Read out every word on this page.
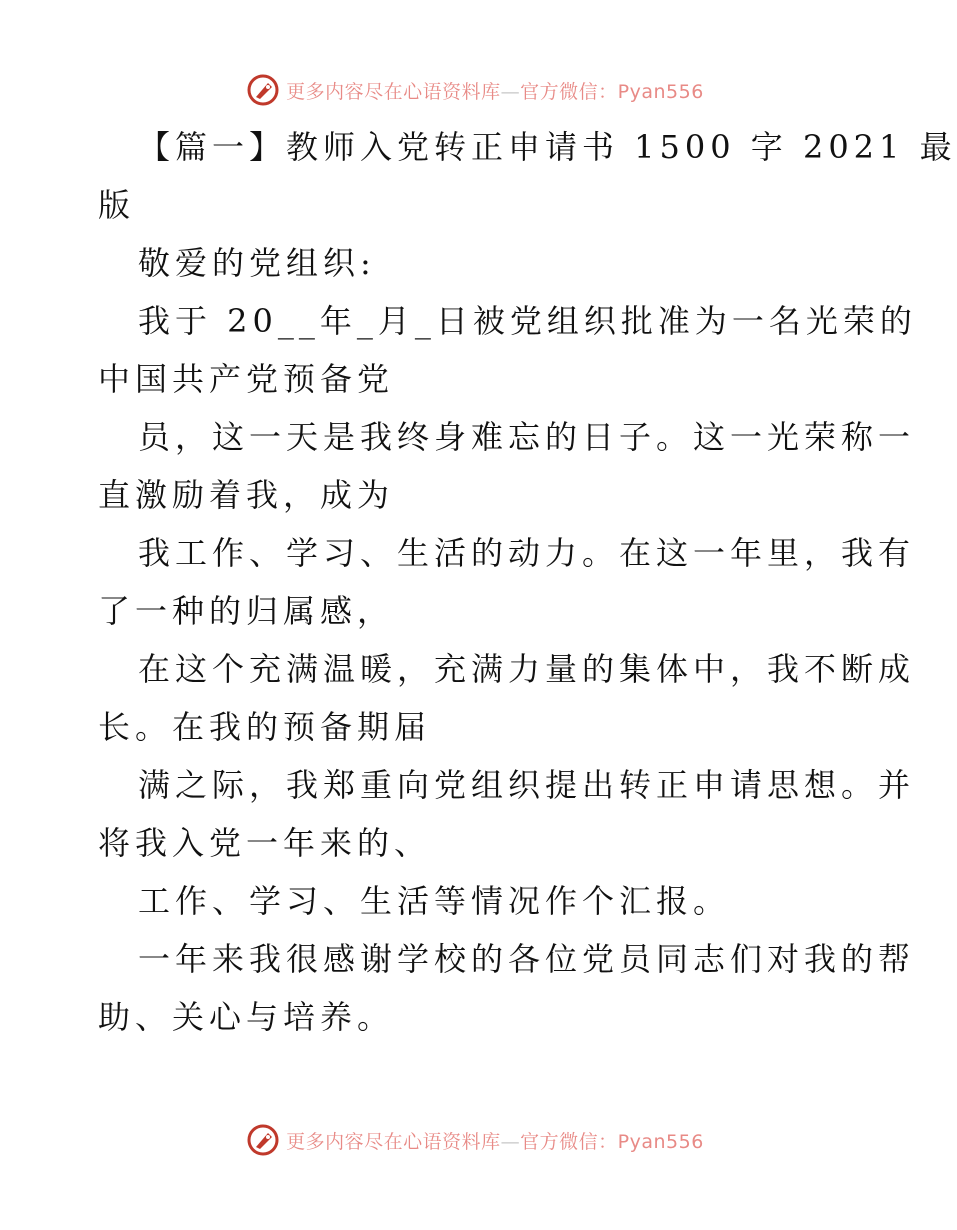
更多内容尽在心语资料库—官方微信：Pyan556
【篇一】教师入党转正申请书 1500 字 2021 最
版
敬爱的党组织:
我于 20__年_月_日被党组织批准为一名光荣的
中国共产党预备党
员，这一天是我终身难忘的日子。这一光荣称一
直激励着我，成为
我工作、学习、生活的动力。在这一年里，我有
了一种的归属感，
在这个充满温暖，充满力量的集体中，我不断成
长。在我的预备期届
满之际，我郑重向党组织提出转正申请思想。并
将我入党一年来的、
工作、学习、生活等情况作个汇报。
一年来我很感谢学校的各位党员同志们对我的帮
助、关心与培养。
更多内容尽在心语资料库—官方微信：Pyan556
